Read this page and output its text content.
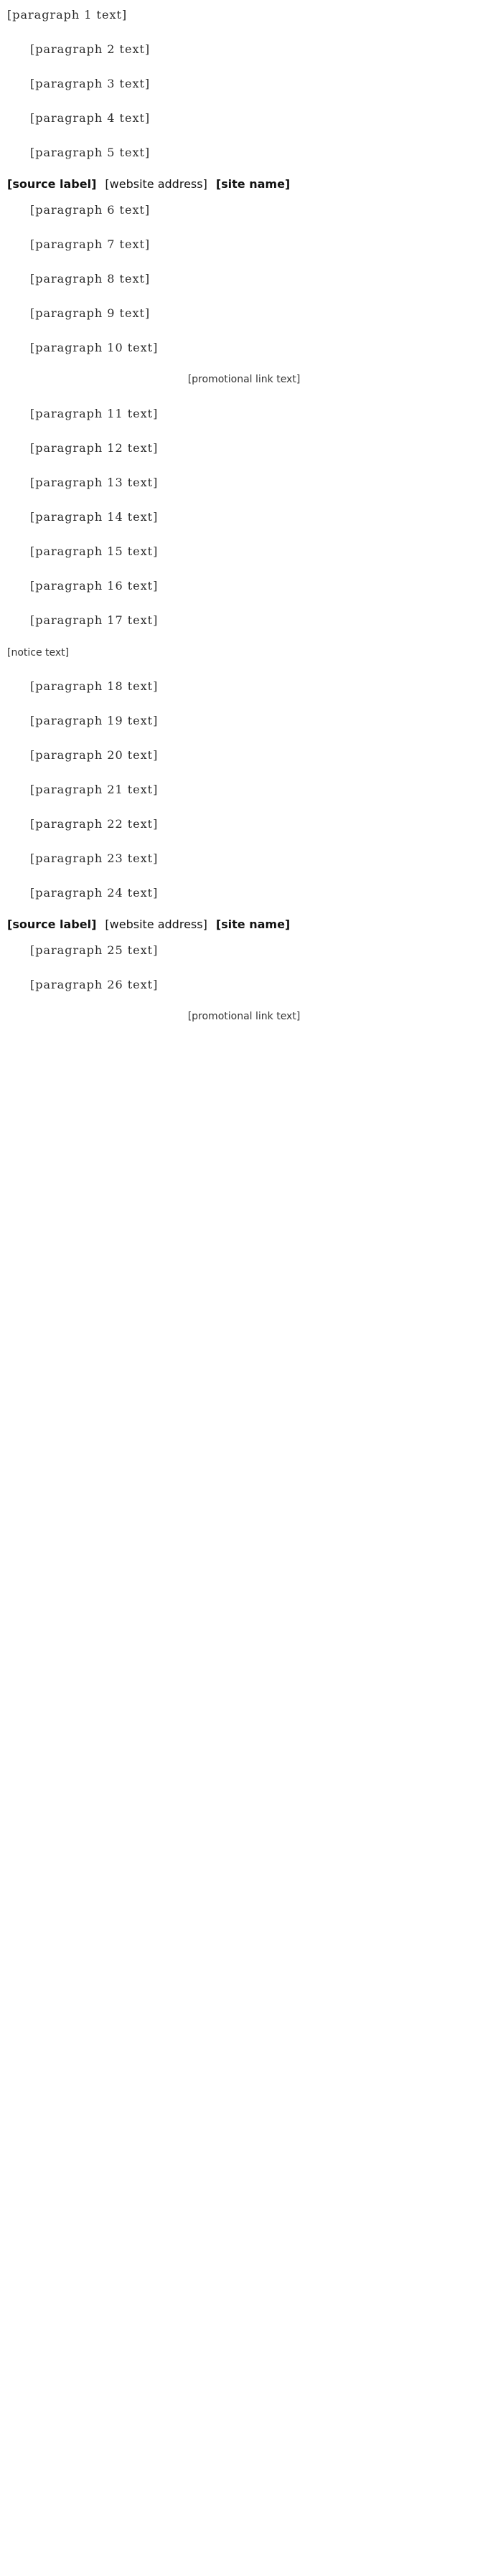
[paragraph 1 text]

[paragraph 2 text]

[paragraph 3 text]

[paragraph 4 text]

[paragraph 5 text]

[source label] [website address] [site name]

[paragraph 6 text]

[paragraph 7 text]

[paragraph 8 text]

[paragraph 9 text]

[paragraph 10 text]

[promotional link text]

[paragraph 11 text]

[paragraph 12 text]

[paragraph 13 text]

[paragraph 14 text]

[paragraph 15 text]

[paragraph 16 text]

[paragraph 17 text]

[notice text]

[paragraph 18 text]

[paragraph 19 text]

[paragraph 20 text]

[paragraph 21 text]

[paragraph 22 text]

[paragraph 23 text]

[paragraph 24 text]

[source label] [website address] [site name]

[paragraph 25 text]

[paragraph 26 text]

[promotional link text]
